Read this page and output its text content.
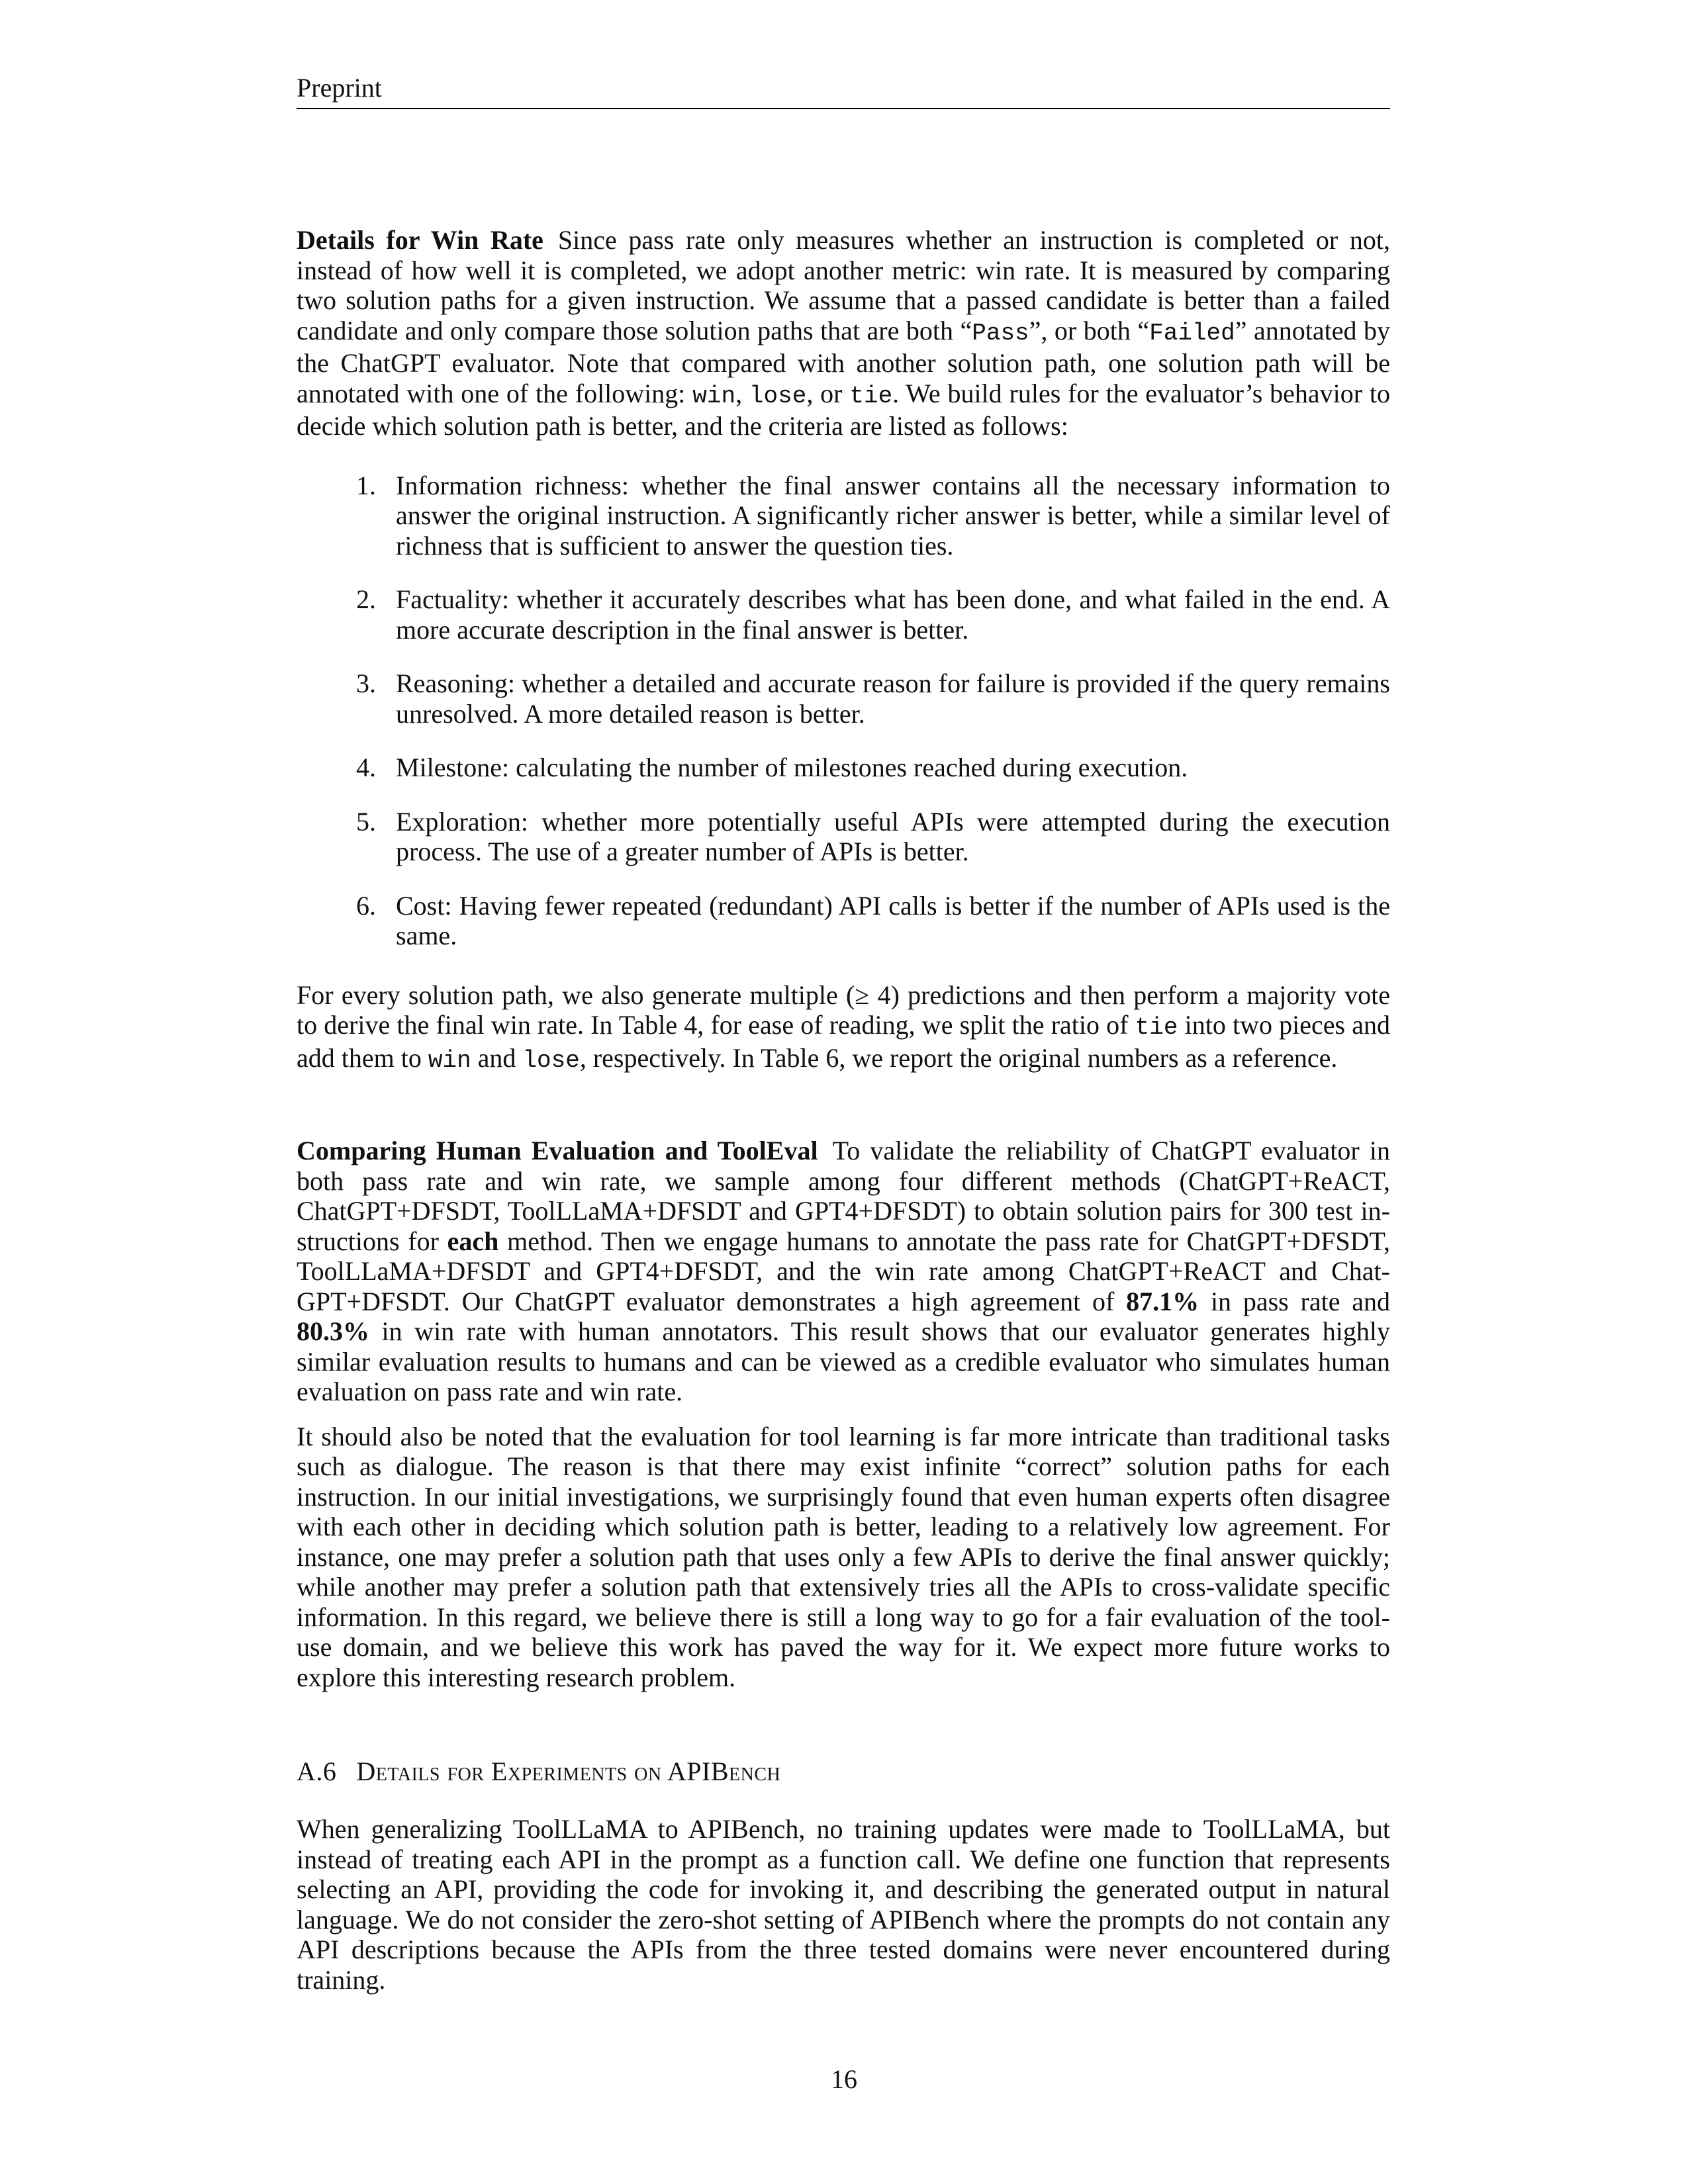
Preprint

Details for Win Rate Since pass rate only measures whether an instruction is completed or not, instead of how well it is completed, we adopt another metric: win rate. It is measured by comparing two solution paths for a given instruction. We assume that a passed candidate is better than a failed candidate and only compare those solution paths that are both “Pass”, or both “Failed” annotated by the ChatGPT evaluator. Note that compared with another solution path, one solution path will be annotated with one of the following: win, lose, or tie. We build rules for the evaluator’s behavior to decide which solution path is better, and the criteria are listed as follows:

1. Information richness: whether the final answer contains all the necessary information to answer the original instruction. A significantly richer answer is better, while a similar level of richness that is sufficient to answer the question ties.
2. Factuality: whether it accurately describes what has been done, and what failed in the end. A more accurate description in the final answer is better.
3. Reasoning: whether a detailed and accurate reason for failure is provided if the query remains unresolved. A more detailed reason is better.
4. Milestone: calculating the number of milestones reached during execution.
5. Exploration: whether more potentially useful APIs were attempted during the execution process. The use of a greater number of APIs is better.
6. Cost: Having fewer repeated (redundant) API calls is better if the number of APIs used is the same.

For every solution path, we also generate multiple (≥ 4) predictions and then perform a majority vote to derive the final win rate. In Table 4, for ease of reading, we split the ratio of tie into two pieces and add them to win and lose, respectively. In Table 6, we report the original numbers as a reference.

Comparing Human Evaluation and ToolEval To validate the reliability of ChatGPT evaluator in both pass rate and win rate, we sample among four different methods (ChatGPT+ReACT, ChatGPT+DFSDT, ToolLLaMA+DFSDT and GPT4+DFSDT) to obtain solution pairs for 300 test instructions for each method. Then we engage humans to annotate the pass rate for ChatGPT+DFSDT, ToolLLaMA+DFSDT and GPT4+DFSDT, and the win rate among ChatGPT+ReACT and ChatGPT+DFSDT. Our ChatGPT evaluator demonstrates a high agreement of 87.1% in pass rate and 80.3% in win rate with human annotators. This result shows that our evaluator generates highly similar evaluation results to humans and can be viewed as a credible evaluator who simulates human evaluation on pass rate and win rate.

It should also be noted that the evaluation for tool learning is far more intricate than traditional tasks such as dialogue. The reason is that there may exist infinite “correct” solution paths for each instruction. In our initial investigations, we surprisingly found that even human experts often disagree with each other in deciding which solution path is better, leading to a relatively low agreement. For instance, one may prefer a solution path that uses only a few APIs to derive the final answer quickly; while another may prefer a solution path that extensively tries all the APIs to cross-validate specific information. In this regard, we believe there is still a long way to go for a fair evaluation of the tool-use domain, and we believe this work has paved the way for it. We expect more future works to explore this interesting research problem.

A.6 Details for Experiments on APIBench

When generalizing ToolLLaMA to APIBench, no training updates were made to ToolLLaMA, but instead of treating each API in the prompt as a function call. We define one function that represents selecting an API, providing the code for invoking it, and describing the generated output in natural language. We do not consider the zero-shot setting of APIBench where the prompts do not contain any API descriptions because the APIs from the three tested domains were never encountered during training.

16
